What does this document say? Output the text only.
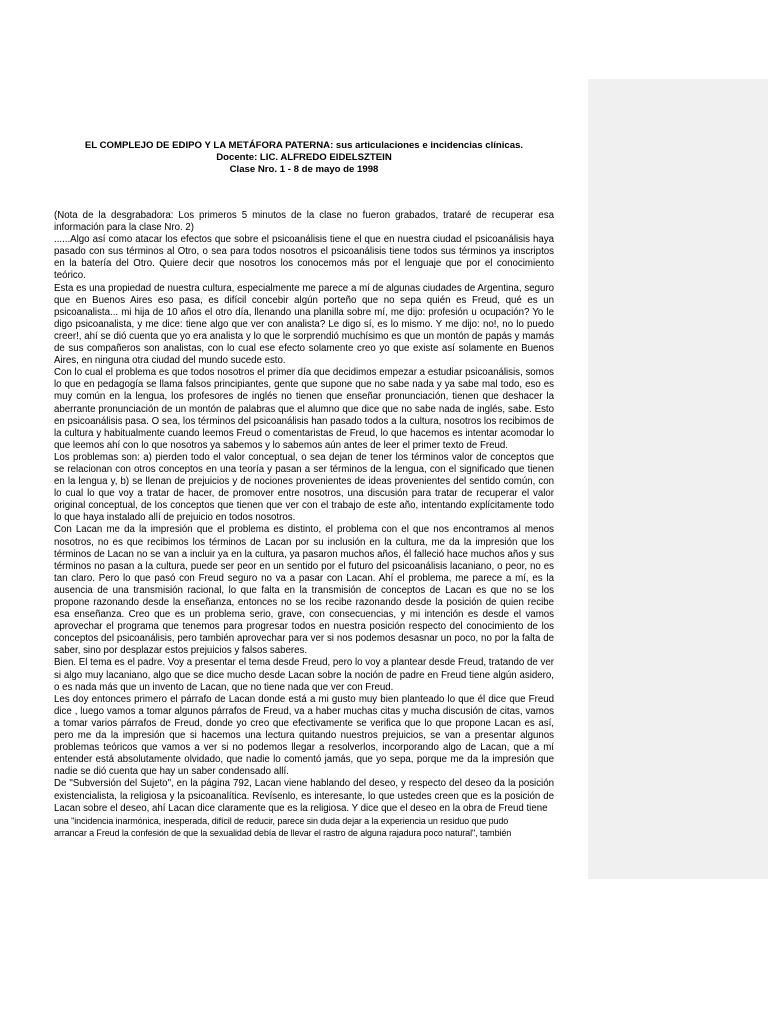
EL COMPLEJO DE EDIPO Y LA METÁFORA PATERNA: sus articulaciones e incidencias clínicas.

Docente: LIC. ALFREDO EIDELSZTEIN

Clase Nro. 1 - 8 de mayo de 1998

(Nota de la desgrabadora: Los primeros 5 minutos de la clase no fueron grabados, trataré de recuperar esa información para la clase Nro. 2)

......Algo así como atacar los efectos que sobre el psicoanálisis tiene el que en nuestra ciudad el psicoanálisis haya pasado con sus términos al Otro, o sea para todos nosotros el psicoanálisis tiene todos sus términos ya inscriptos en la batería del Otro. Quiere decir que nosotros los conocemos más por el lenguaje que por el conocimiento teórico.

Esta es una propiedad de nuestra cultura, especialmente me parece a mí de algunas ciudades de Argentina, seguro que en Buenos Aires eso pasa, es difícil concebir algún porteño que no sepa quién es Freud, qué es un psicoanalista... mi hija de 10 años el otro día, llenando una planilla sobre mí, me dijo: profesión u ocupación? Yo le digo psicoanalista, y me dice: tiene algo que ver con analista? Le digo sí, es lo mismo. Y me dijo: no!, no lo puedo creer!, ahí se dió cuenta que yo era analista y lo que le sorprendió muchísimo es que un montón de papás y mamás de sus compañeros son analistas, con lo cual ese efecto solamente creo yo que existe así solamente en Buenos Aires, en ninguna otra ciudad del mundo sucede esto.

Con lo cual el problema es que todos nosotros el primer día que decidimos empezar a estudiar psicoanálisis, somos lo que en pedagogía se llama falsos principiantes, gente que supone que no sabe nada y ya sabe mal todo, eso es muy común en la lengua, los profesores de inglés no tienen que enseñar pronunciación, tienen que deshacer la aberrante pronunciación de un montón de palabras que el alumno que dice que no sabe nada de inglés, sabe. Esto en psicoanálisis pasa. O sea, los términos del psicoanálisis han pasado todos a la cultura, nosotros los recibimos de la cultura y habitualmente cuando leemos Freud o comentaristas de Freud, lo que hacemos es intentar acomodar lo que leemos ahí con lo que nosotros ya sabemos y lo sabemos aún antes de leer el primer texto de Freud.

Los problemas son: a) pierden todo el valor conceptual, o sea dejan de tener los términos valor de conceptos que se relacionan con otros conceptos en una teoría y pasan a ser términos de la lengua, con el significado que tienen en la lengua y, b) se llenan de prejuicios y de nociones provenientes de ideas provenientes del sentido común, con lo cual lo que voy a tratar de hacer, de promover entre nosotros, una discusión para tratar de recuperar el valor original conceptual, de los conceptos que tienen que ver con el trabajo de este año, intentando explícitamente todo lo que haya instalado allí de prejuicio en todos nosotros.

Con Lacan me da la impresión que el problema es distinto, el problema con el que nos encontramos al menos nosotros, no es que recibimos los términos de Lacan por su inclusión en la cultura, me da la impresión que los términos de Lacan no se van a incluir ya en la cultura, ya pasaron muchos años, él falleció hace muchos años y sus términos no pasan a la cultura, puede ser peor en un sentido por el futuro del psicoanálisis lacaniano, o peor, no es tan claro. Pero lo que pasó con Freud seguro no va a pasar con Lacan. Ahí el problema, me parece a mí, es la ausencia de una transmisión racional, lo que falta en la transmisión de conceptos de Lacan es que no se los propone razonando desde la enseñanza, entonces no se los recibe razonando desde la posición de quien recibe esa enseñanza. Creo que es un problema serio, grave, con consecuencias, y mi intención es desde el vamos aprovechar el programa que tenemos para progresar todos en nuestra posición respecto del conocimiento de los conceptos del psicoanálisis, pero también aprovechar para ver si nos podemos desasnar un poco, no por la falta de saber, sino por desplazar estos prejuicios y falsos saberes.

Bien. El tema es el padre. Voy a presentar el tema desde Freud, pero lo voy a plantear desde Freud, tratando de ver si algo muy lacaniano, algo que se dice mucho desde Lacan sobre la noción de padre en Freud tiene algún asidero, o es nada más que un invento de Lacan, que no tiene nada que ver con Freud.

Les doy entonces primero el párrafo de Lacan donde está a mi gusto muy bien planteado lo que él dice que Freud dice , luego vamos a tomar algunos párrafos de Freud, va a haber muchas citas y mucha discusión de citas, vamos a tomar varios párrafos de Freud, donde yo creo que efectivamente se verifica que lo que propone Lacan es así, pero me da la impresión que si hacemos una lectura quitando nuestros prejuicios, se van a presentar algunos problemas teóricos que vamos a ver si no podemos llegar a resolverlos, incorporando algo de Lacan, que a mí entender está absolutamente olvidado, que nadie lo comentó jamás, que yo sepa, porque me da la impresión que nadie se dió cuenta que hay un saber condensado allí.

De "Subversión del Sujeto", en la página 792, Lacan viene hablando del deseo, y respecto del deseo da la posición existencialista, la religiosa y la psicoanalítica. Revísenlo, es interesante, lo que ustedes creen que es la posición de Lacan sobre el deseo, ahí Lacan dice claramente que es la religiosa. Y dice que el deseo en la obra de Freud tiene

una "incidencia inarmónica, inesperada, difícil de reducir, parece sin duda dejar a la experiencia un residuo que pudo

arrancar a Freud la confesión de que la sexualidad debía de llevar el rastro de alguna rajadura poco natural", también
